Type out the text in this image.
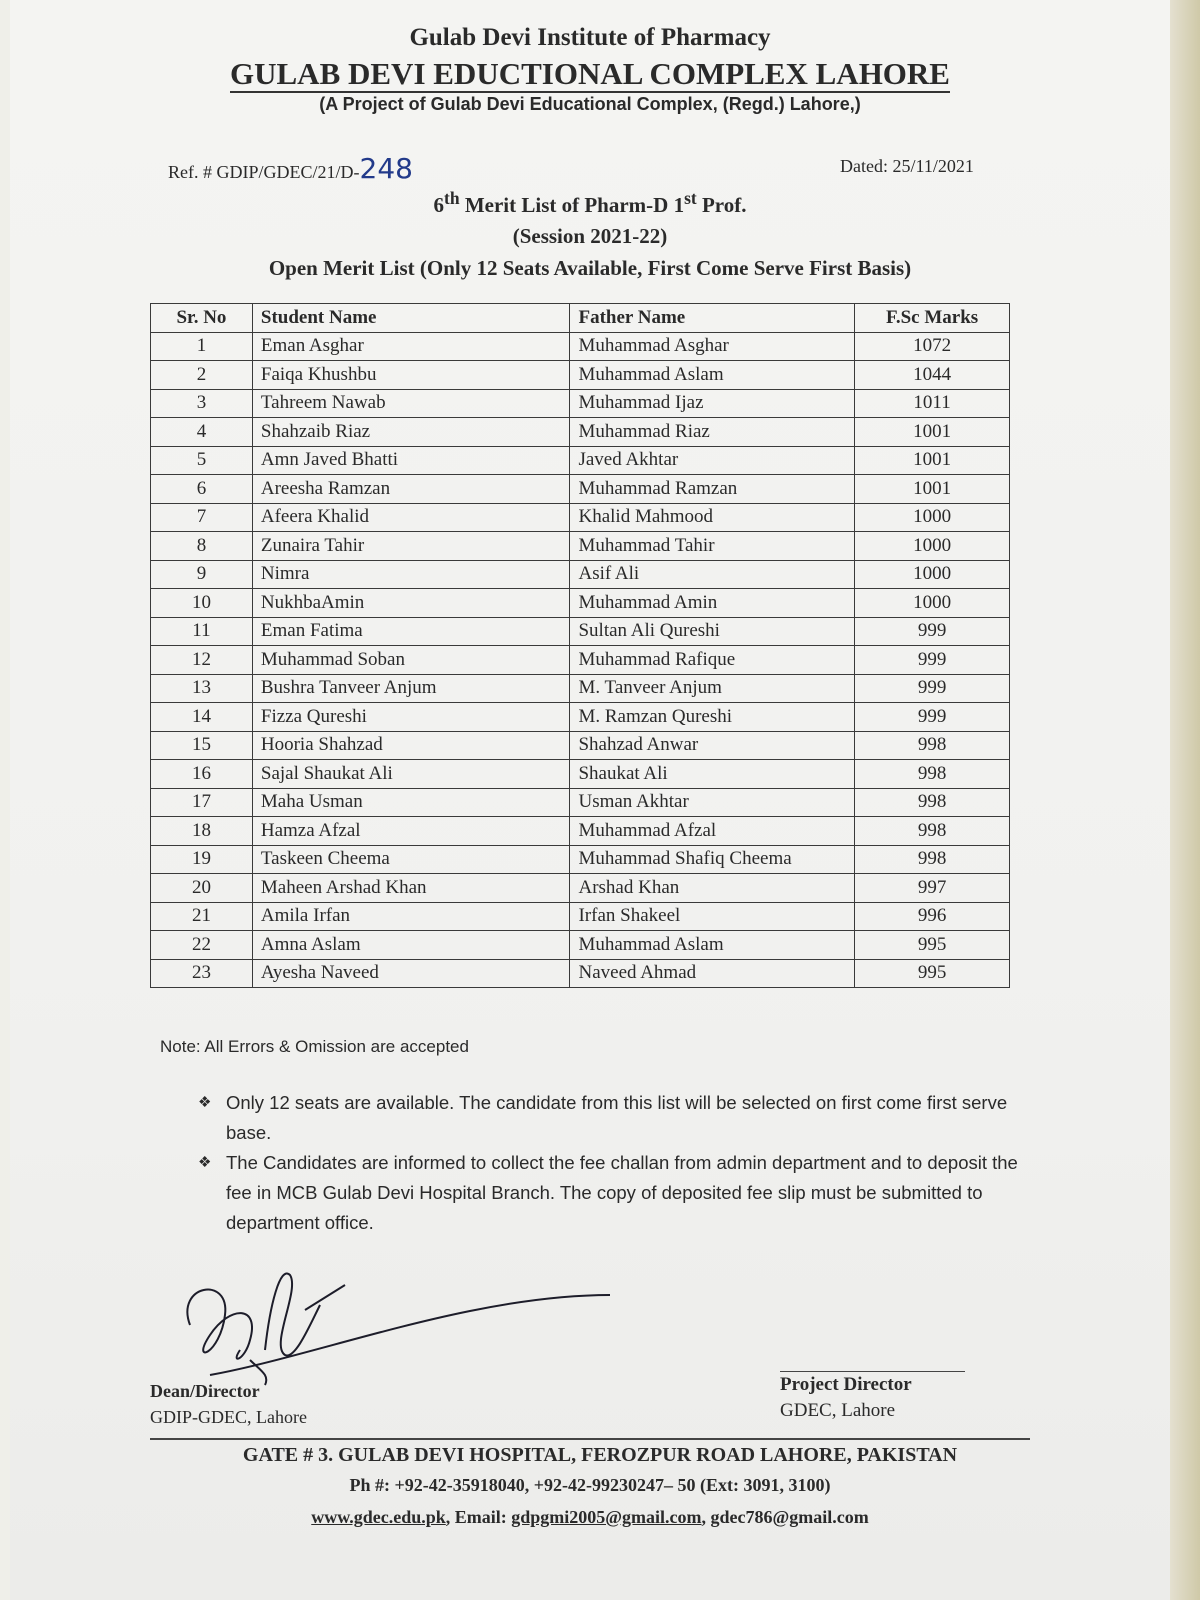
Gulab Devi Institute of Pharmacy
GULAB DEVI EDUCTIONAL COMPLEX LAHORE
(A Project of Gulab Devi Educational Complex, (Regd.) Lahore,)
Ref. # GDIP/GDEC/21/D-248	Dated: 25/11/2021
6th Merit List of Pharm-D 1st Prof.
(Session 2021-22)
Open Merit List (Only 12 Seats Available, First Come Serve First Basis)
Sr. No	Student Name	Father Name	F.Sc Marks
1	Eman Asghar	Muhammad Asghar	1072
2	Faiqa Khushbu	Muhammad Aslam	1044
3	Tahreem Nawab	Muhammad Ijaz	1011
4	Shahzaib Riaz	Muhammad Riaz	1001
5	Amn Javed Bhatti	Javed Akhtar	1001
6	Areesha Ramzan	Muhammad Ramzan	1001
7	Afeera Khalid	Khalid Mahmood	1000
8	Zunaira Tahir	Muhammad Tahir	1000
9	Nimra	Asif Ali	1000
10	NukhbaAmin	Muhammad Amin	1000
11	Eman Fatima	Sultan Ali Qureshi	999
12	Muhammad Soban	Muhammad Rafique	999
13	Bushra Tanveer Anjum	M. Tanveer Anjum	999
14	Fizza Qureshi	M. Ramzan Qureshi	999
15	Hooria Shahzad	Shahzad Anwar	998
16	Sajal Shaukat Ali	Shaukat Ali	998
17	Maha Usman	Usman Akhtar	998
18	Hamza Afzal	Muhammad Afzal	998
19	Taskeen Cheema	Muhammad Shafiq Cheema	998
20	Maheen Arshad Khan	Arshad Khan	997
21	Amila Irfan	Irfan Shakeel	996
22	Amna Aslam	Muhammad Aslam	995
23	Ayesha Naveed	Naveed Ahmad	995
Note: All Errors & Omission are accepted
❖ Only 12 seats are available. The candidate from this list will be selected on first come first serve base.
❖ The Candidates are informed to collect the fee challan from admin department and to deposit the fee in MCB Gulab Devi Hospital Branch. The copy of deposited fee slip must be submitted to department office.
Dean/Director
GDIP-GDEC, Lahore
Project Director
GDEC, Lahore
GATE # 3. GULAB DEVI HOSPITAL, FEROZPUR ROAD LAHORE, PAKISTAN
Ph #: +92-42-35918040, +92-42-99230247– 50 (Ext: 3091, 3100)
www.gdec.edu.pk, Email: gdpgmi2005@gmail.com, gdec786@gmail.com
